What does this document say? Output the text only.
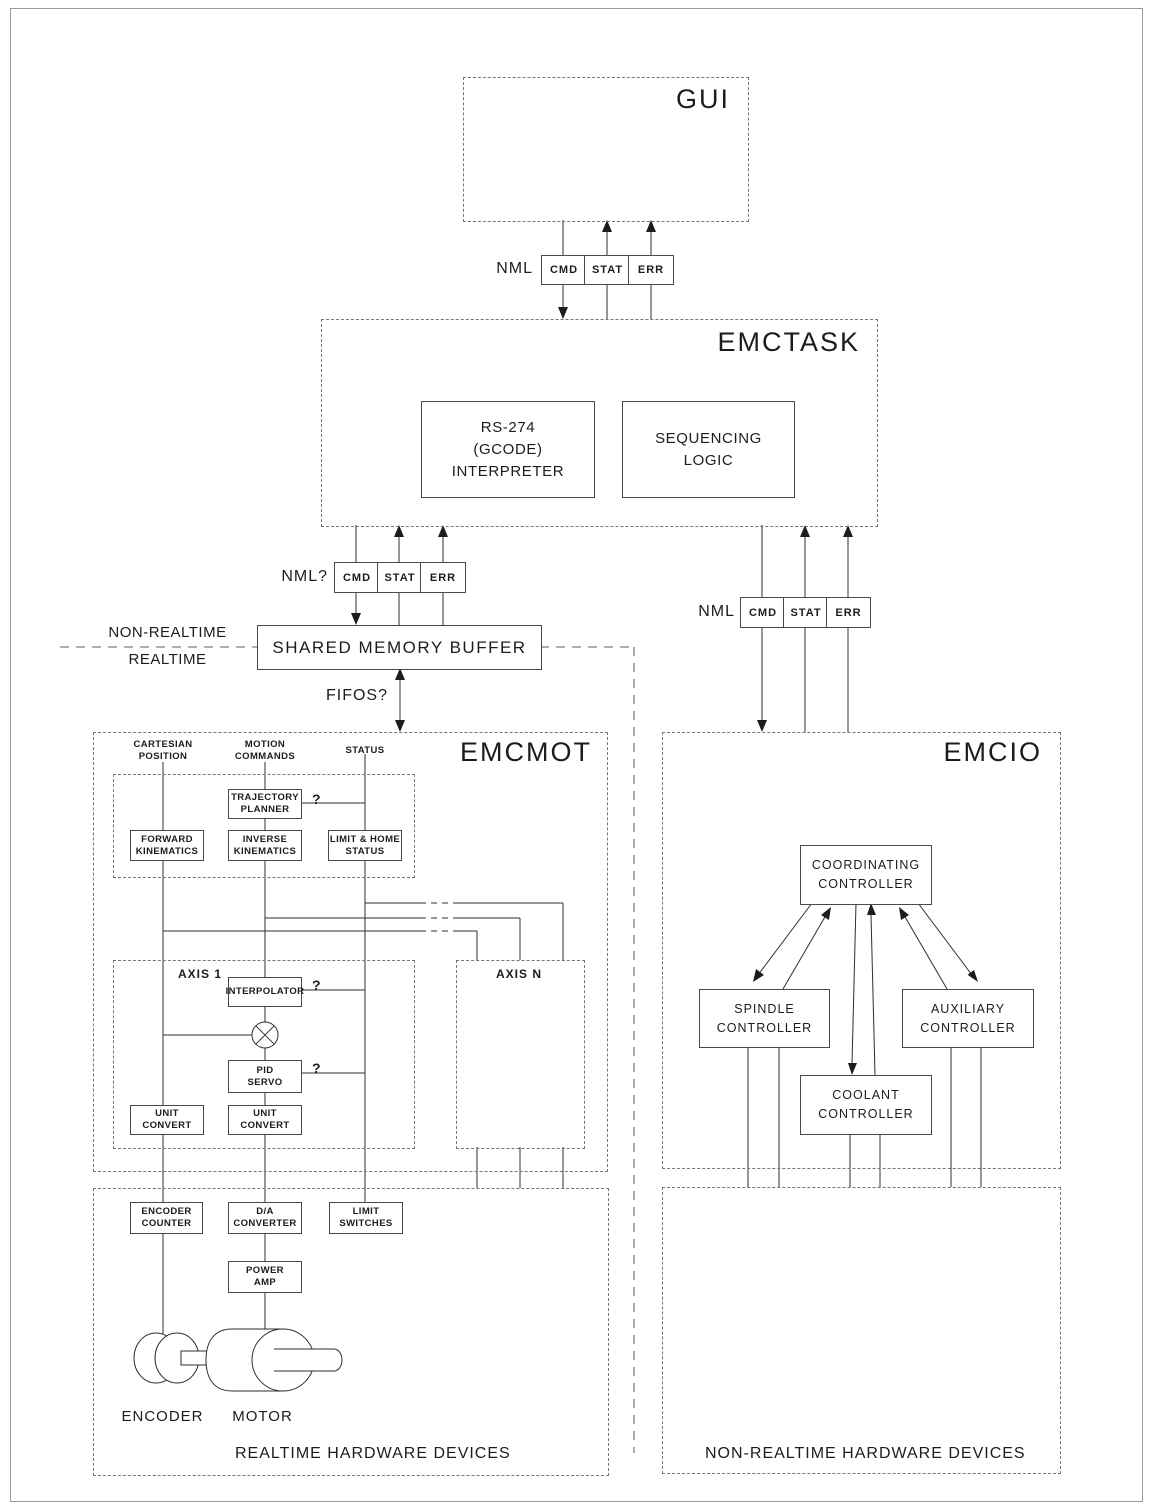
GUI
EMCTASK
EMCMOT	EMCIO
NML	CMD	STAT	ERR
RS-274
(GCODE)
INTERPRETER
SEQUENCING
LOGIC
NML?	CMD	STAT	ERR
NML	CMD	STAT	ERR
NON-REALTIME
REALTIME
SHARED MEMORY BUFFER
FIFOS?
CARTESIAN
POSITION
MOTION
COMMANDS
STATUS
TRAJECTORY
PLANNER
FORWARD
KINEMATICS
INVERSE
KINEMATICS
LIMIT & HOME
STATUS
?
?
?
AXIS 1	AXIS N
INTERPOLATOR
PID
SERVO
UNIT
CONVERT
UNIT
CONVERT
ENCODER
COUNTER
D/A
CONVERTER
LIMIT
SWITCHES
POWER
AMP
ENCODER MOTOR
REALTIME HARDWARE DEVICES	NON-REALTIME HARDWARE DEVICES
COORDINATING
CONTROLLER
SPINDLE
CONTROLLER
AUXILIARY
CONTROLLER
COOLANT
CONTROLLER
